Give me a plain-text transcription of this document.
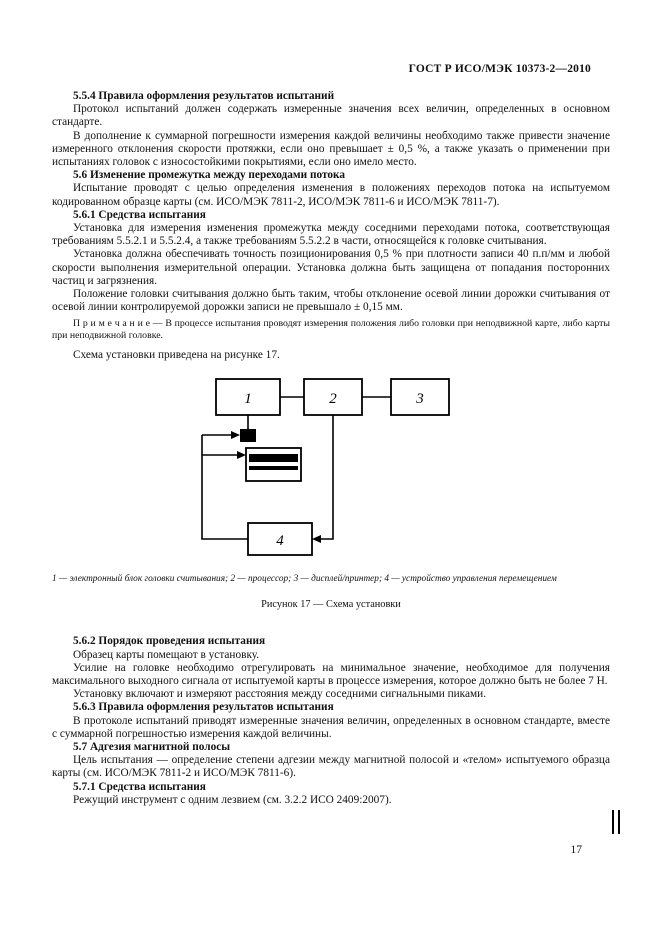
ГОСТ Р ИСО/МЭК 10373-2—2010

5.5.4 Правила оформления результатов испытаний

Протокол испытаний должен содержать измеренные значения всех величин, определенных в основном стандарте.

В дополнение к суммарной погрешности измерения каждой величины необходимо также привести значение измеренного отклонения скорости протяжки, если оно превышает ± 0,5 %, а также указать о применении при испытаниях головок с износостойкими покрытиями, если оно имело место.

5.6 Изменение промежутка между переходами потока

Испытание проводят с целью определения изменения в положениях переходов потока на испытуемом кодированном образце карты (см. ИСО/МЭК 7811-2, ИСО/МЭК 7811-6 и ИСО/МЭК 7811-7).

5.6.1 Средства испытания

Установка для измерения изменения промежутка между соседними переходами потока, соответствующая требованиям 5.5.2.1 и 5.5.2.4, а также требованиям 5.5.2.2 в части, относящейся к головке считывания.

Установка должна обеспечивать точность позиционирования 0,5 % при плотности записи 40 п.п/мм и любой скорости выполнения измерительной операции. Установка должна быть защищена от попадания посторонних частиц и загрязнения.

Положение головки считывания должно быть таким, чтобы отклонение осевой линии дорожки считывания от осевой линии контролируемой дорожки записи не превышало ± 0,15 мм.

П р и м е ч а н и е — В процессе испытания проводят измерения положения либо головки при неподвижной карте, либо карты при неподвижной головке.

Схема установки приведена на рисунке 17.

1	2	3
4

1 — электронный блок головки считывания; 2 — процессор; 3 — дисплей/принтер; 4 — устройство управления перемещением

Рисунок 17 — Схема установки

5.6.2 Порядок проведения испытания

Образец карты помещают в установку.

Усилие на головке необходимо отрегулировать на минимальное значение, необходимое для получения максимального выходного сигнала от испытуемой карты в процессе измерения, которое должно быть не более 7 Н.

Установку включают и измеряют расстояния между соседними сигнальными пиками.

5.6.3 Правила оформления результатов испытания

В протоколе испытаний приводят измеренные значения величин, определенных в основном стандарте, вместе с суммарной погрешностью измерения каждой величины.

5.7 Адгезия магнитной полосы

Цель испытания — определение степени адгезии между магнитной полосой и «телом» испытуемого образца карты (см. ИСО/МЭК 7811-2 и ИСО/МЭК 7811-6).

5.7.1 Средства испытания

Режущий инструмент с одним лезвием (см. 3.2.2 ИСО 2409:2007).

17
